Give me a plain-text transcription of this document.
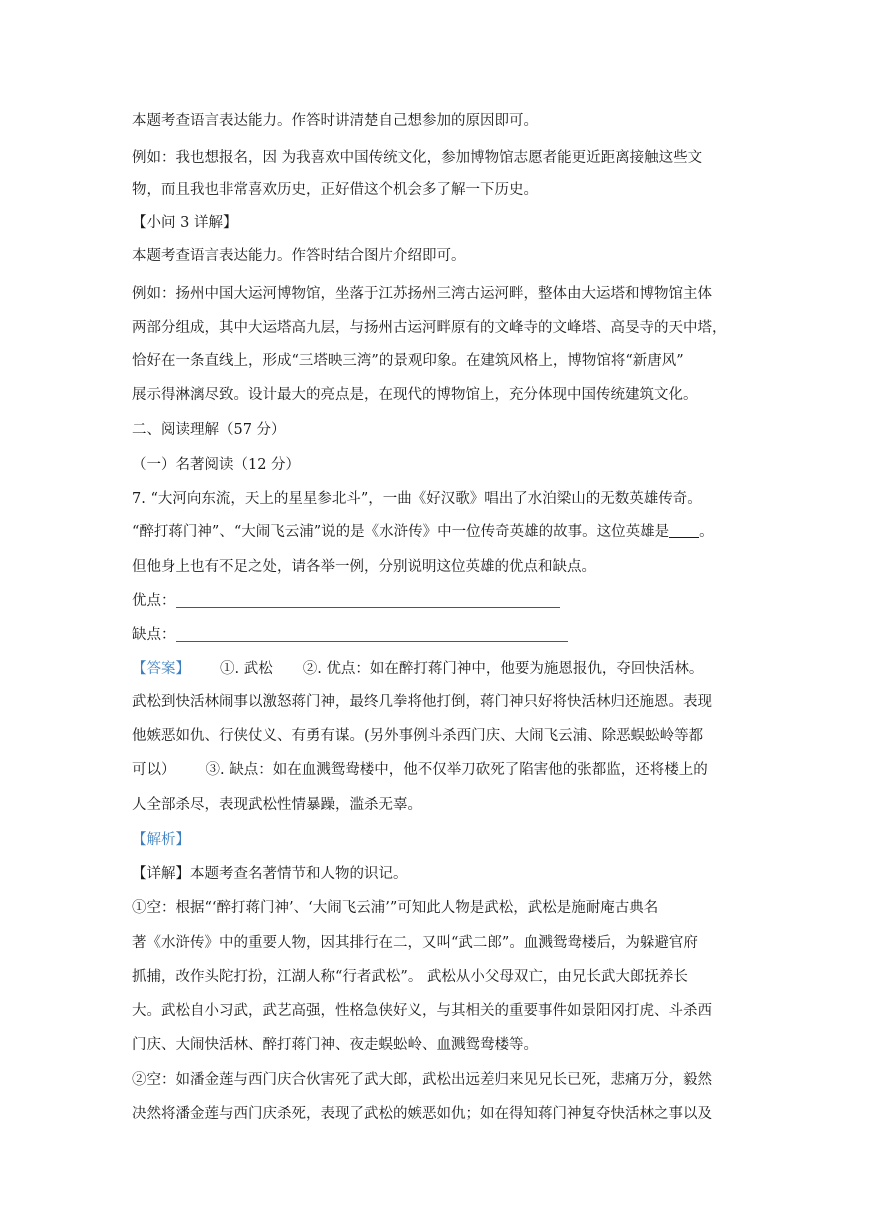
本题考查语言表达能力。作答时讲清楚自己想参加的原因即可。
例如：我也想报名，因 为我喜欢中国传统文化，参加博物馆志愿者能更近距离接触这些文
物，而且我也非常喜欢历史，正好借这个机会多了解一下历史。
【小问 3 详解】
本题考查语言表达能力。作答时结合图片介绍即可。
例如：扬州中国大运河博物馆，坐落于江苏扬州三湾古运河畔，整体由大运塔和博物馆主体
两部分组成，其中大运塔高九层，与扬州古运河畔原有的文峰寺的文峰塔、高旻寺的天中塔，
恰好在一条直线上，形成“三塔映三湾”的景观印象。在建筑风格上，博物馆将“新唐风”
展示得淋漓尽致。设计最大的亮点是，在现代的博物馆上，充分体现中国传统建筑文化。
二、阅读理解（57 分）
（一）名著阅读（12 分）
7. “大河向东流，天上的星星参北斗”，一曲《好汉歌》唱出了水泊梁山的无数英雄传奇。
“醉打蒋门神”、“大闹飞云浦”说的是《水浒传》中一位传奇英雄的故事。这位英雄是 。
但他身上也有不足之处，请各举一例，分别说明这位英雄的优点和缺点。
优点：
缺点：
【答案】 ①. 武松 ②. 优点：如在醉打蒋门神中，他要为施恩报仇，夺回快活林。
武松到快活林闹事以激怒蒋门神，最终几拳将他打倒，蒋门神只好将快活林归还施恩。表现
他嫉恶如仇、行侠仗义、有勇有谋。(另外事例斗杀西门庆、大闹飞云浦、除恶蜈蚣岭等都
可以） ③. 缺点：如在血溅鸳鸯楼中，他不仅举刀砍死了陷害他的张都监，还将楼上的
人全部杀尽，表现武松性情暴躁，滥杀无辜。
【解析】
【详解】本题考查名著情节和人物的识记。
①空：根据“‘醉打蒋门神’、‘大闹飞云浦’”可知此人物是武松，武松是施耐庵古典名
著《水浒传》中的重要人物，因其排行在二，又叫“武二郎”。血溅鸳鸯楼后，为躲避官府
抓捕，改作头陀打扮，江湖人称“行者武松”。 武松从小父母双亡，由兄长武大郎抚养长
大。武松自小习武，武艺高强，性格急侠好义，与其相关的重要事件如景阳冈打虎、斗杀西
门庆、大闹快活林、醉打蒋门神、夜走蜈蚣岭、血溅鸳鸯楼等。
②空：如潘金莲与西门庆合伙害死了武大郎，武松出远差归来见兄长已死，悲痛万分，毅然
决然将潘金莲与西门庆杀死，表现了武松的嫉恶如仇；如在得知蒋门神复夺快活林之事以及
